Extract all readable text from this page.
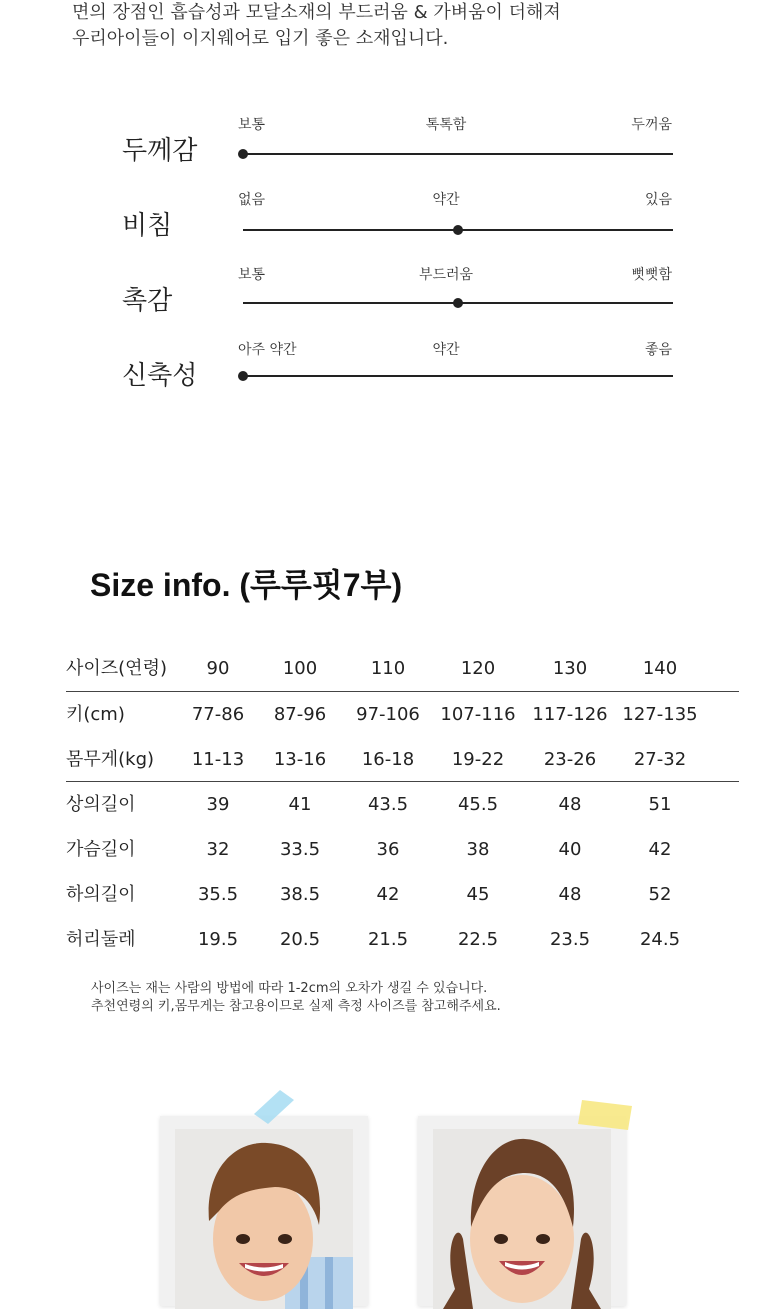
면의 장점인 흡습성과 모달소재의 부드러움 & 가벼움이 더해져
우리아이들이 이지웨어로 입기 좋은 소재입니다.
두께감
보통	톡톡함	두꺼움
비침
없음	약간	있음
촉감
보통	부드러움	뻣뻣함
신축성
아주 약간	약간	좋음
Size info. (루루핏7부)
사이즈(연령) 90	100	110	120	130	140
키(cm)	77-86 87-96 97-106 107-116 117-126 127-135
몸무게(kg) 11-13 13-16 16-18 19-22 23-26 27-32
상의길이	39	41	43.5	45.5	48	51
가슴길이	32	33.5	36	38	40	42
하의길이	35.5 38.5	42	45	48	52
허리둘레	19.5 20.5	21.5	22.5	23.5	24.5
사이즈는 재는 사람의 방법에 따라 1-2cm의 오차가 생길 수 있습니다.
추천연령의 키,몸무게는 참고용이므로 실제 측정 사이즈를 참고해주세요.
